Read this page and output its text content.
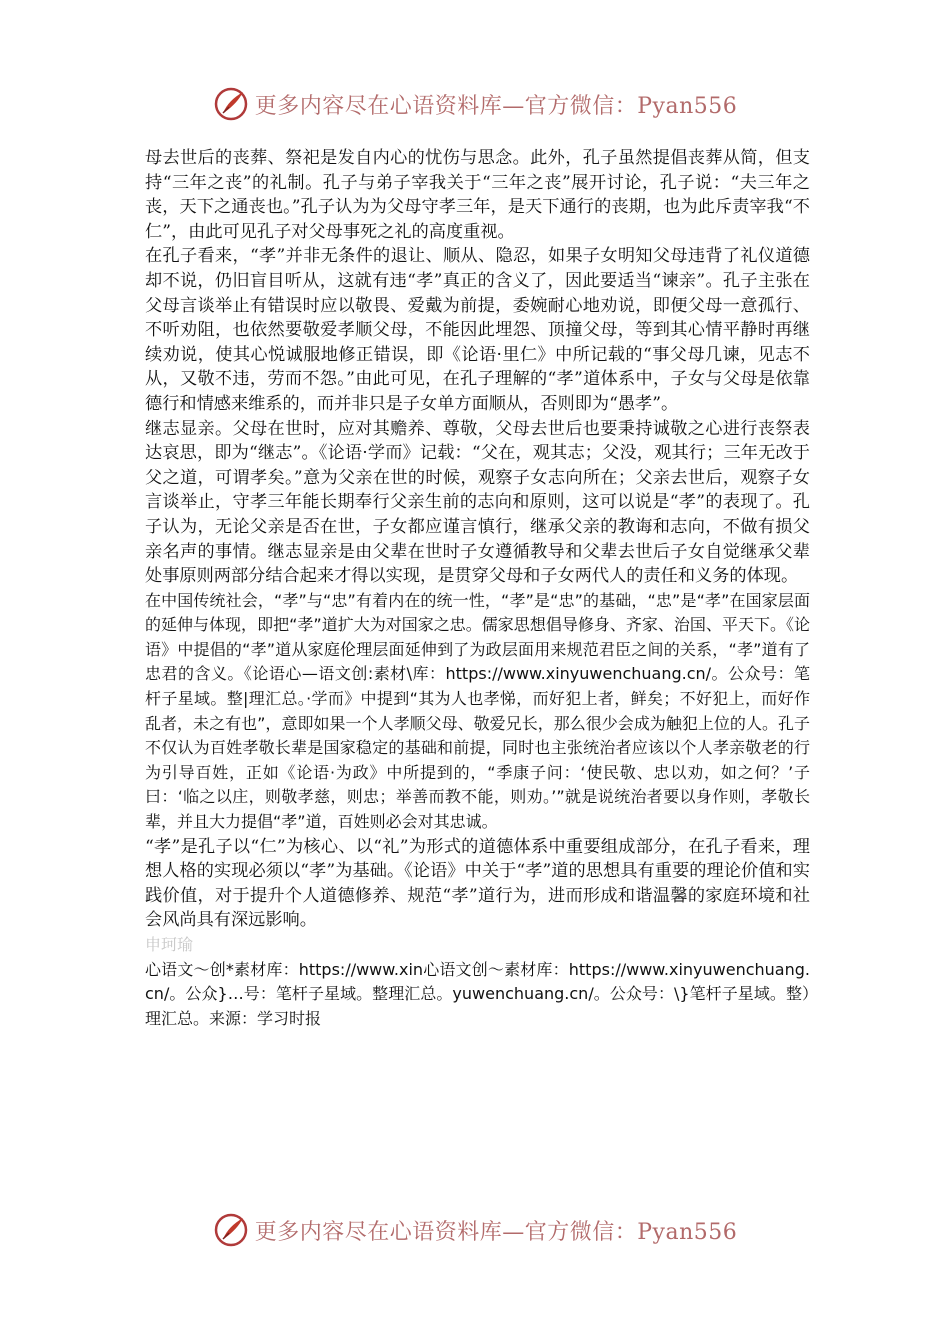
更多内容尽在心语资料库—官方微信：Pyan556

母去世后的丧葬、祭祀是发自内心的忧伤与思念。此外，孔子虽然提倡丧葬从简，但支持“三年之丧”的礼制。孔子与弟子宰我关于“三年之丧”展开讨论，孔子说：“夫三年之丧，天下之通丧也。”孔子认为为父母守孝三年，是天下通行的丧期，也为此斥责宰我“不仁”，由此可见孔子对父母事死之礼的高度重视。

在孔子看来，“孝”并非无条件的退让、顺从、隐忍，如果子女明知父母违背了礼仪道德却不说，仍旧盲目听从，这就有违“孝”真正的含义了，因此要适当“谏亲”。孔子主张在父母言谈举止有错误时应以敬畏、爱戴为前提，委婉耐心地劝说，即便父母一意孤行、不听劝阻，也依然要敬爱孝顺父母，不能因此埋怨、顶撞父母，等到其心情平静时再继续劝说，使其心悦诚服地修正错误，即《论语·里仁》中所记载的“事父母几谏，见志不从，又敬不违，劳而不怨。”由此可见，在孔子理解的“孝”道体系中，子女与父母是依靠德行和情感来维系的，而并非只是子女单方面顺从，否则即为“愚孝”。

继志显亲。父母在世时，应对其赡养、尊敬，父母去世后也要秉持诚敬之心进行丧祭表达哀思，即为“继志”。《论语·学而》记载：“父在，观其志；父没，观其行；三年无改于父之道，可谓孝矣。”意为父亲在世的时候，观察子女志向所在；父亲去世后，观察子女言谈举止，守孝三年能长期奉行父亲生前的志向和原则，这可以说是“孝”的表现了。孔子认为，无论父亲是否在世，子女都应谨言慎行，继承父亲的教诲和志向，不做有损父亲名声的事情。继志显亲是由父辈在世时子女遵循教导和父辈去世后子女自觉继承父辈处事原则两部分结合起来才得以实现，是贯穿父母和子女两代人的责任和义务的体现。

在中国传统社会，“孝”与“忠”有着内在的统一性，“孝”是“忠”的基础，“忠”是“孝”在国家层面的延伸与体现，即把“孝”道扩大为对国家之忠。儒家思想倡导修身、齐家、治国、平天下。《论语》中提倡的“孝”道从家庭伦理层面延伸到了为政层面用来规范君臣之间的关系，“孝”道有了忠君的含义。《论语心—语文创:素材\库：https://www.xinyuwenchuang.cn/。公众号：笔杆子星域。整|理汇总。·学而》中提到“其为人也孝悌，而好犯上者，鲜矣；不好犯上，而好作乱者，未之有也”，意即如果一个人孝顺父母、敬爱兄长，那么很少会成为触犯上位的人。孔子不仅认为百姓孝敬长辈是国家稳定的基础和前提，同时也主张统治者应该以个人孝亲敬老的行为引导百姓，正如《论语·为政》中所提到的，“季康子问：‘使民敬、忠以劝，如之何？’子曰：‘临之以庄，则敬孝慈，则忠；举善而教不能，则劝。’”就是说统治者要以身作则，孝敬长辈，并且大力提倡“孝”道，百姓则必会对其忠诚。

“孝”是孔子以“仁”为核心、以“礼”为形式的道德体系中重要组成部分，在孔子看来，理想人格的实现必须以“孝”为基础。《论语》中关于“孝”道的思想具有重要的理论价值和实践价值，对于提升个人道德修养、规范“孝”道行为，进而形成和谐温馨的家庭环境和社会风尚具有深远影响。

申珂瑜

心语文～创*素材库：https://www.xin心语文创～素材库：https://www.xinyuwenchuang.cn/。公众}…号：笔杆子星域。整理汇总。yuwenchuang.cn/。公众号：\}笔杆子星域。整）理汇总。来源：学习时报

更多内容尽在心语资料库—官方微信：Pyan556
